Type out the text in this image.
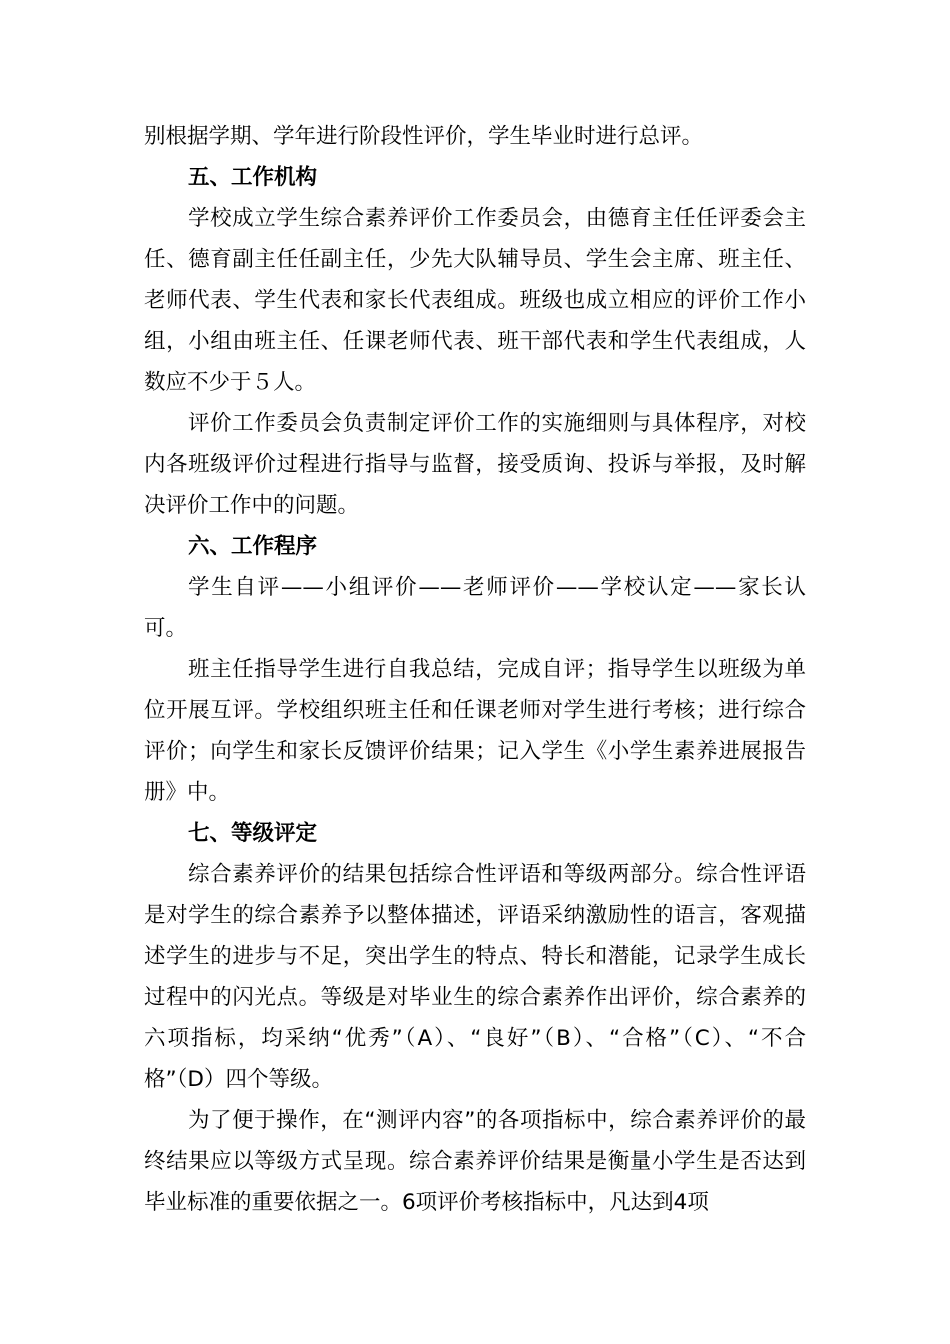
别根据学期、学年进行阶段性评价，学生毕业时进行总评。

五、工作机构

学校成立学生综合素养评价工作委员会，由德育主任任评委会主任、德育副主任任副主任，少先大队辅导员、学生会主席、班主任、老师代表、学生代表和家长代表组成。班级也成立相应的评价工作小组，小组由班主任、任课老师代表、班干部代表和学生代表组成，人数应不少于５人。

评价工作委员会负责制定评价工作的实施细则与具体程序，对校内各班级评价过程进行指导与监督，接受质询、投诉与举报，及时解决评价工作中的问题。

六、工作程序

学生自评——小组评价——老师评价——学校认定——家长认可。

班主任指导学生进行自我总结，完成自评；指导学生以班级为单位开展互评。学校组织班主任和任课老师对学生进行考核；进行综合评价；向学生和家长反馈评价结果；记入学生《小学生素养进展报告册》中。

七、等级评定

综合素养评价的结果包括综合性评语和等级两部分。综合性评语是对学生的综合素养予以整体描述，评语采纳激励性的语言，客观描述学生的进步与不足，突出学生的特点、特长和潜能，记录学生成长过程中的闪光点。等级是对毕业生的综合素养作出评价，综合素养的六项指标，均采纳“优秀”（A）、“良好”（B）、“合格”（C）、“不合格”（D）四个等级。

为了便于操作，在“测评内容”的各项指标中，综合素养评价的最终结果应以等级方式呈现。综合素养评价结果是衡量小学生是否达到毕业标准的重要依据之一。6项评价考核指标中，凡达到4项
